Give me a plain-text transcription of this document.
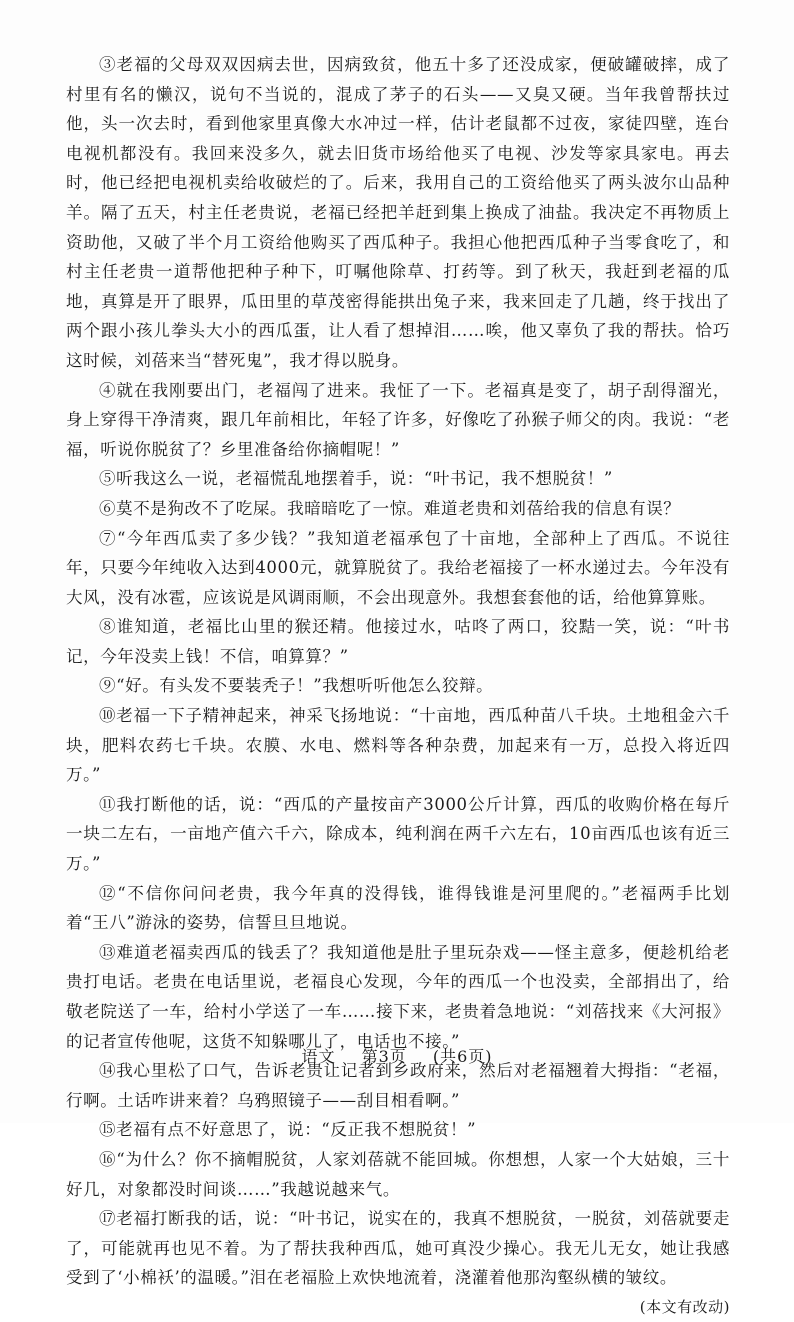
③老福的父母双双因病去世，因病致贫，他五十多了还没成家，便破罐破摔，成了村里有名的懒汉，说句不当说的，混成了茅子的石头——又臭又硬。当年我曾帮扶过他，头一次去时，看到他家里真像大水冲过一样，估计老鼠都不过夜，家徒四壁，连台电视机都没有。我回来没多久，就去旧货市场给他买了电视、沙发等家具家电。再去时，他已经把电视机卖给收破烂的了。后来，我用自己的工资给他买了两头波尔山品种羊。隔了五天，村主任老贵说，老福已经把羊赶到集上换成了油盐。我决定不再物质上资助他，又破了半个月工资给他购买了西瓜种子。我担心他把西瓜种子当零食吃了，和村主任老贵一道帮他把种子种下，叮嘱他除草、打药等。到了秋天，我赶到老福的瓜地，真算是开了眼界，瓜田里的草茂密得能拱出兔子来，我来回走了几趟，终于找出了两个跟小孩儿拳头大小的西瓜蛋，让人看了想掉泪……唉，他又辜负了我的帮扶。恰巧这时候，刘蓓来当“替死鬼”，我才得以脱身。

④就在我刚要出门，老福闯了进来。我怔了一下。老福真是变了，胡子刮得溜光，身上穿得干净清爽，跟几年前相比，年轻了许多，好像吃了孙猴子师父的肉。我说：“老福，听说你脱贫了？乡里准备给你摘帽呢！”

⑤听我这么一说，老福慌乱地摆着手，说：“叶书记，我不想脱贫！”

⑥莫不是狗改不了吃屎。我暗暗吃了一惊。难道老贵和刘蓓给我的信息有误？

⑦“今年西瓜卖了多少钱？”我知道老福承包了十亩地，全部种上了西瓜。不说往年，只要今年纯收入达到4000元，就算脱贫了。我给老福接了一杯水递过去。今年没有大风，没有冰雹，应该说是风调雨顺，不会出现意外。我想套套他的话，给他算算账。

⑧谁知道，老福比山里的猴还精。他接过水，咕咚了两口，狡黠一笑，说：“叶书记，今年没卖上钱！不信，咱算算？”

⑨“好。有头发不要装秃子！”我想听听他怎么狡辩。

⑩老福一下子精神起来，神采飞扬地说：“十亩地，西瓜种苗八千块。土地租金六千块，肥料农药七千块。农膜、水电、燃料等各种杂费，加起来有一万，总投入将近四万。”

⑪我打断他的话，说：“西瓜的产量按亩产3000公斤计算，西瓜的收购价格在每斤一块二左右，一亩地产值六千六，除成本，纯利润在两千六左右，10亩西瓜也该有近三万。”

⑫“不信你问问老贵，我今年真的没得钱，谁得钱谁是河里爬的。”老福两手比划着“王八”游泳的姿势，信誓旦旦地说。

⑬难道老福卖西瓜的钱丢了？我知道他是肚子里玩杂戏——怪主意多，便趁机给老贵打电话。老贵在电话里说，老福良心发现，今年的西瓜一个也没卖，全部捐出了，给敬老院送了一车，给村小学送了一车……接下来，老贵着急地说：“刘蓓找来《大河报》的记者宣传他呢，这货不知躲哪儿了，电话也不接。”

⑭我心里松了口气，告诉老贵让记者到乡政府来，然后对老福翘着大拇指：“老福，行啊。土话咋讲来着？乌鸦照镜子——刮目相看啊。”

⑮老福有点不好意思了，说：“反正我不想脱贫！”

⑯“为什么？你不摘帽脱贫，人家刘蓓就不能回城。你想想，人家一个大姑娘，三十好几，对象都没时间谈……”我越说越来气。

⑰老福打断我的话，说：“叶书记，说实在的，我真不想脱贫，一脱贫，刘蓓就要走了，可能就再也见不着。为了帮扶我种西瓜，她可真没少操心。我无儿无女，她让我感受到了‘小棉袄’的温暖。”泪在老福脸上欢快地流着，浇灌着他那沟壑纵横的皱纹。

(本文有改动)

语文 第3页 (共6页)
